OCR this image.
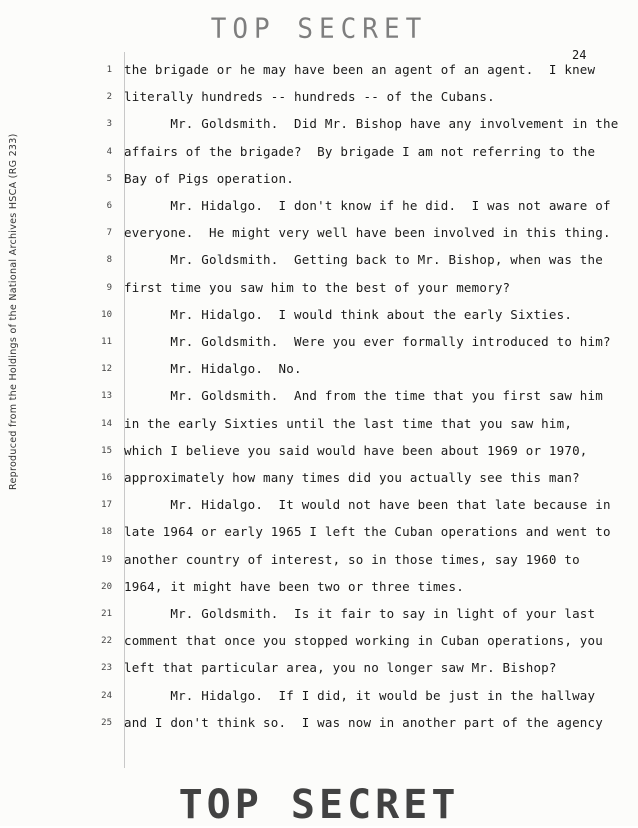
TOP SECRET
24
Reproduced from the Holdings of the National Archives HSCA (RG 233)
1 the brigade or he may have been an agent of an agent.  I knew
2 literally hundreds -- hundreds -- of the Cubans.
3 Mr. Goldsmith.  Did Mr. Bishop have any involvement in the
4 affairs of the brigade?  By brigade I am not referring to the
5 Bay of Pigs operation.
6 Mr. Hidalgo.  I don't know if he did.  I was not aware of
7 everyone.  He might very well have been involved in this thing.
8 Mr. Goldsmith.  Getting back to Mr. Bishop, when was the
9 first time you saw him to the best of your memory?
10 Mr. Hidalgo.  I would think about the early Sixties.
11 Mr. Goldsmith.  Were you ever formally introduced to him?
12 Mr. Hidalgo.  No.
13 Mr. Goldsmith.  And from the time that you first saw him
14 in the early Sixties until the last time that you saw him,
15 which I believe you said would have been about 1969 or 1970,
16 approximately how many times did you actually see this man?
17 Mr. Hidalgo.  It would not have been that late because in
18 late 1964 or early 1965 I left the Cuban operations and went to
19 another country of interest, so in those times, say 1960 to
20 1964, it might have been two or three times.
21 Mr. Goldsmith.  Is it fair to say in light of your last
22 comment that once you stopped working in Cuban operations, you
23 left that particular area, you no longer saw Mr. Bishop?
24 Mr. Hidalgo.  If I did, it would be just in the hallway
25 and I don't think so.  I was now in another part of the agency
TOP SECRET
